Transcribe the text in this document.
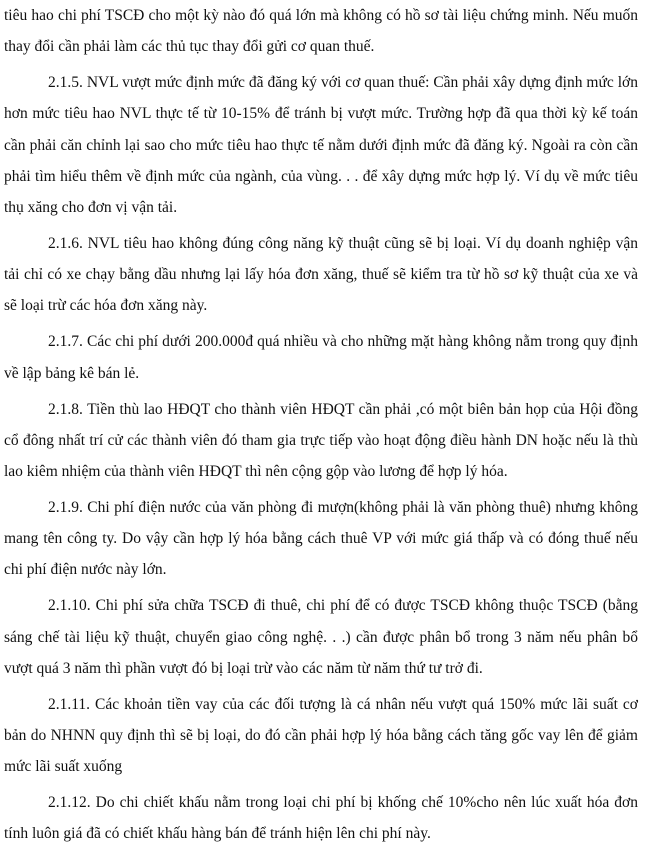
tiêu hao chi phí TSCĐ cho một kỳ nào đó quá lớn mà không có hồ sơ tài liệu chứng minh. Nếu muốn thay đổi cần phải làm các thủ tục thay đổi gửi cơ quan thuế.

2.1.5. NVL vượt mức định mức đã đăng ký với cơ quan thuế: Cần phải xây dựng định mức lớn hơn mức tiêu hao NVL thực tế từ 10-15% để tránh bị vượt mức. Trường hợp đã qua thời kỳ kế toán cần phải căn chỉnh lại sao cho mức tiêu hao thực tế nằm dưới định mức đã đăng ký. Ngoài ra còn cần phải tìm hiểu thêm về định mức của ngành, của vùng. . . để xây dựng mức hợp lý. Ví dụ về mức tiêu thụ xăng cho đơn vị vận tải.

2.1.6. NVL tiêu hao không đúng công năng kỹ thuật cũng sẽ bị loại. Ví dụ doanh nghiệp vận tải chỉ có xe chạy bằng dầu nhưng lại lấy hóa đơn xăng, thuế sẽ kiểm tra từ hồ sơ kỹ thuật của xe và sẽ loại trừ các hóa đơn xăng này.

2.1.7. Các chi phí dưới 200.000đ quá nhiều và cho những mặt hàng không nằm trong quy định về lập bảng kê bán lẻ.

2.1.8. Tiền thù lao HĐQT cho thành viên HĐQT cần phải ,có một biên bản họp của Hội đồng cổ đông nhất trí cử các thành viên đó tham gia trực tiếp vào hoạt động điều hành DN hoặc nếu là thù lao kiêm nhiệm của thành viên HĐQT thì nên cộng gộp vào lương để hợp lý hóa.

2.1.9. Chi phí điện nước của văn phòng đi mượn(không phải là văn phòng thuê) nhưng không mang tên công ty. Do vậy cần hợp lý hóa bằng cách thuê VP với mức giá thấp và có đóng thuế nếu chi phí điện nước này lớn.

2.1.10. Chi phí sửa chữa TSCĐ đi thuê, chi phí để có được TSCĐ không thuộc TSCĐ (bằng sáng chế tài liệu kỹ thuật, chuyển giao công nghệ. . .) cần được phân bổ trong 3 năm nếu phân bổ vượt quá 3 năm thì phần vượt đó bị loại trừ vào các năm từ năm thứ tư trở đi.

2.1.11. Các khoản tiền vay của các đối tượng là cá nhân nếu vượt quá 150% mức lãi suất cơ bản do NHNN quy định thì sẽ bị loại, do đó cần phải hợp lý hóa bằng cách tăng gốc vay lên để giảm mức lãi suất xuống

2.1.12. Do chi chiết khấu nằm trong loại chi phí bị khống chế 10%cho nên lúc xuất hóa đơn tính luôn giá đã có chiết khấu hàng bán để tránh hiện lên chi phí này.
